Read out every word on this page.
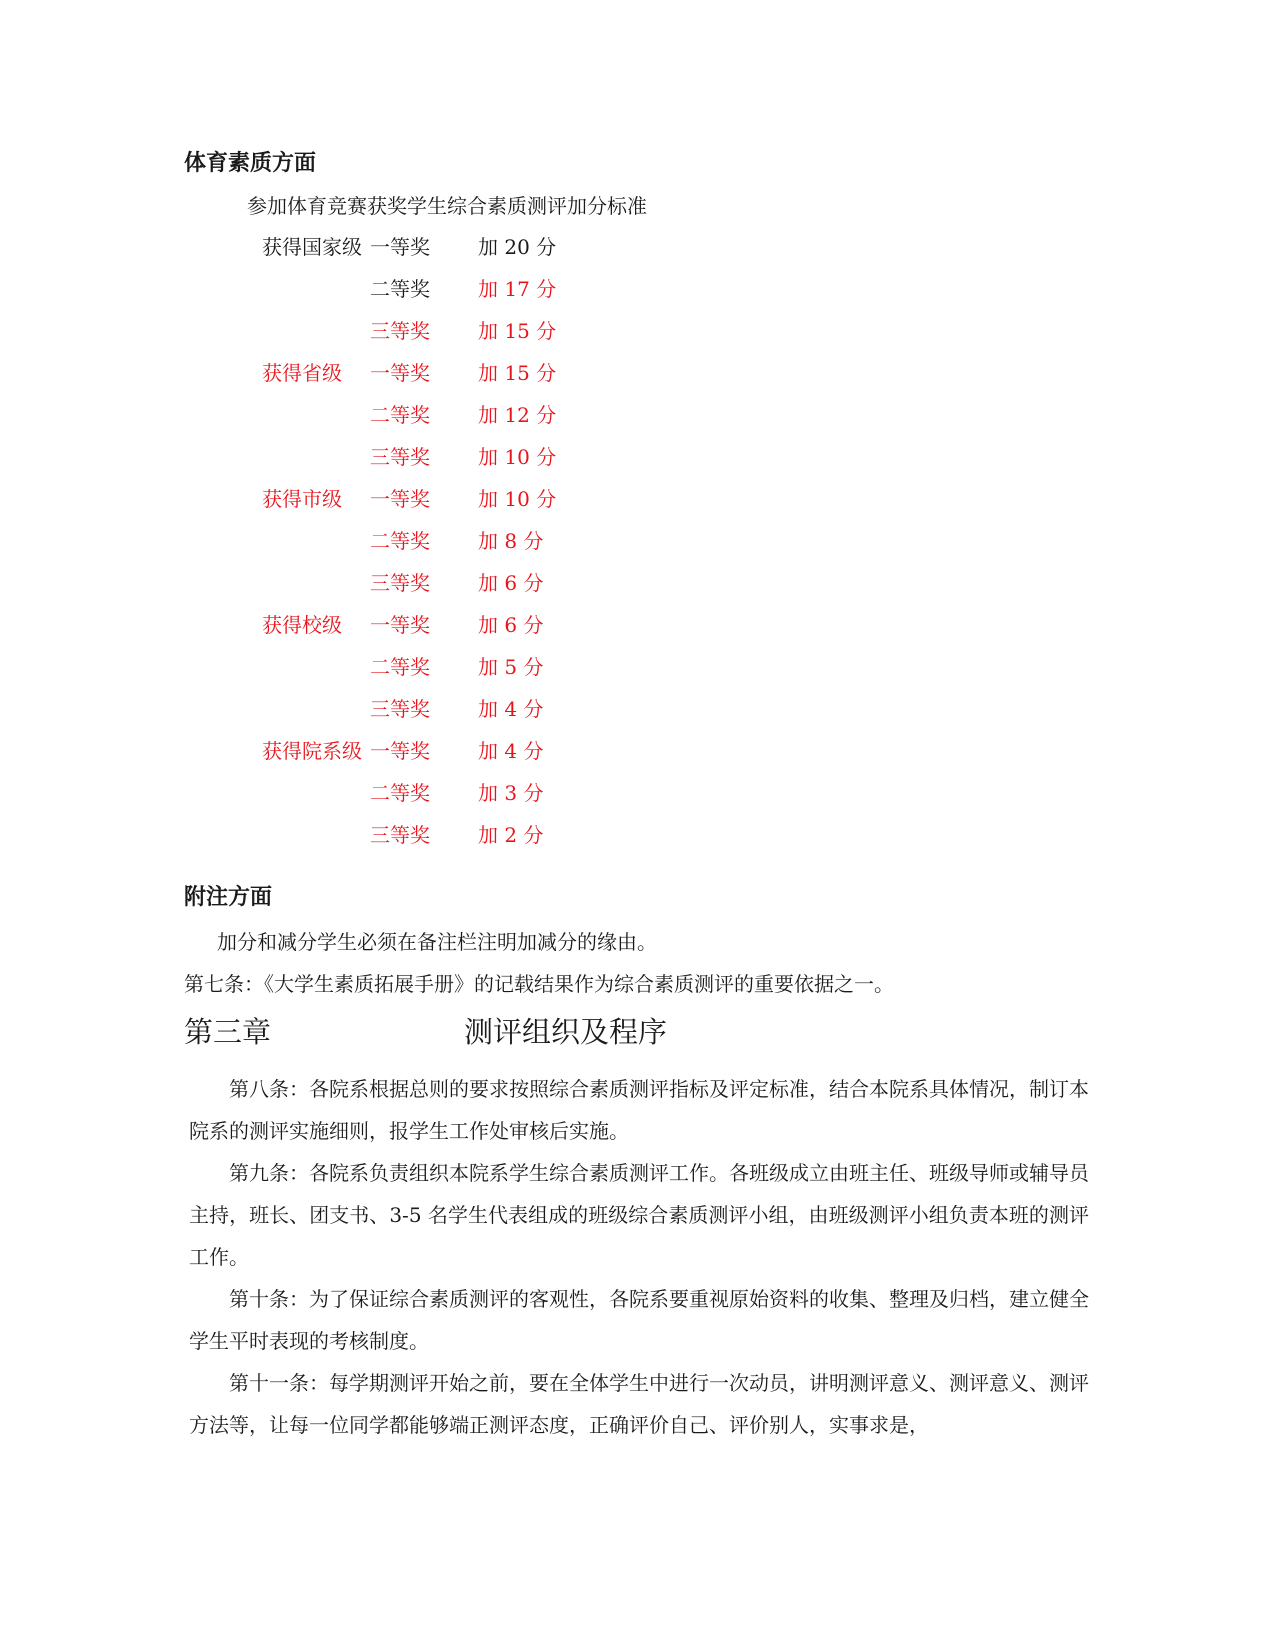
体育素质方面
参加体育竞赛获奖学生综合素质测评加分标准
获得国家级 一等奖 加 20 分
二等奖 加 17 分
三等奖 加 15 分
获得省级 一等奖 加 15 分
二等奖 加 12 分
三等奖 加 10 分
获得市级 一等奖 加 10 分
二等奖 加 8 分
三等奖 加 6 分
获得校级 一等奖 加 6 分
二等奖 加 5 分
三等奖 加 4 分
获得院系级 一等奖 加 4 分
二等奖 加 3 分
三等奖 加 2 分
附注方面
加分和减分学生必须在备注栏注明加减分的缘由。
第七条：《大学生素质拓展手册》的记载结果作为综合素质测评的重要依据之一。
第三章	测评组织及程序
第八条：各院系根据总则的要求按照综合素质测评指标及评定标准，结合本院系具体情况，制订本院系的测评实施细则，报学生工作处审核后实施。
第九条：各院系负责组织本院系学生综合素质测评工作。各班级成立由班主任、班级导师或辅导员主持，班长、团支书、3-5 名学生代表组成的班级综合素质测评小组，由班级测评小组负责本班的测评工作。
第十条：为了保证综合素质测评的客观性，各院系要重视原始资料的收集、整理及归档，建立健全学生平时表现的考核制度。
第十一条：每学期测评开始之前，要在全体学生中进行一次动员，讲明测评意义、测评意义、测评方法等，让每一位同学都能够端正测评态度，正确评价自己、评价别人，实事求是，
